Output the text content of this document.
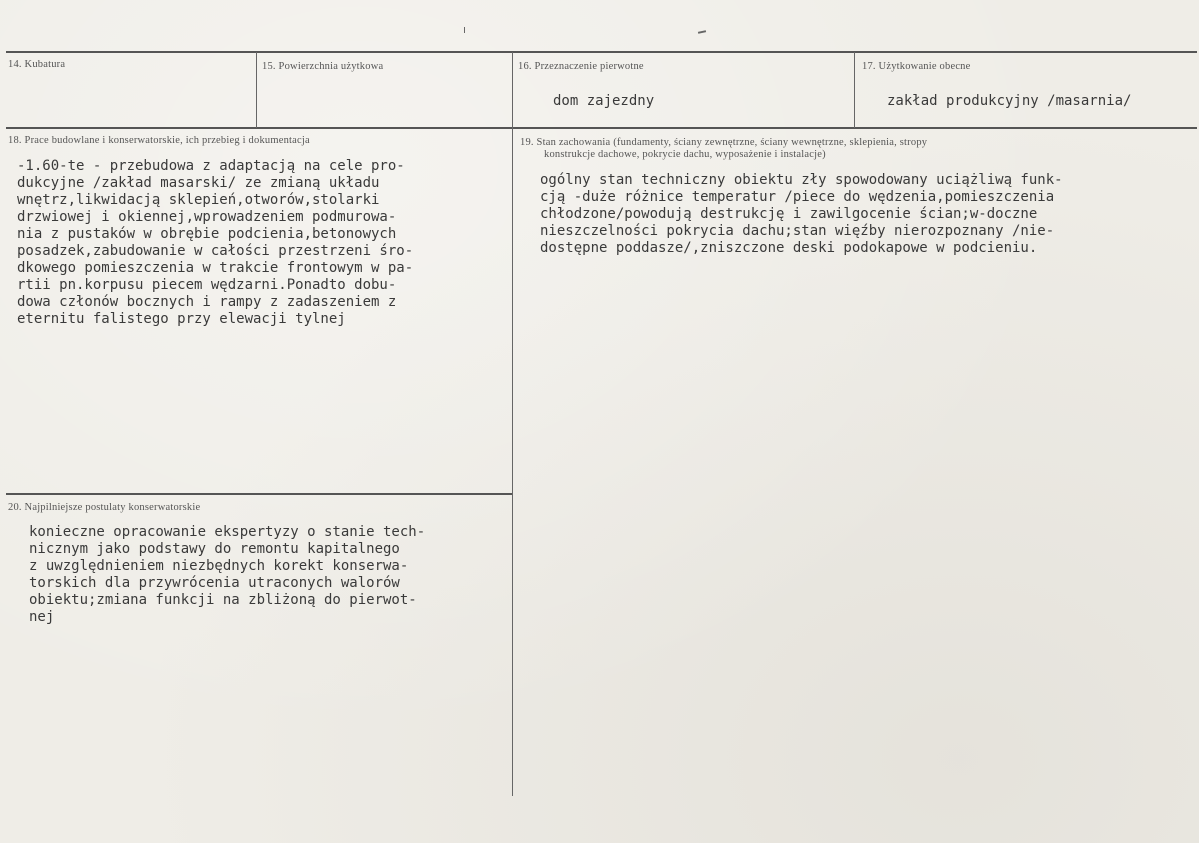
14. Kubatura	15. Powierzchnia użytkowa	16. Przeznaczenie pierwotne
dom zajezdny
17. Użytkowanie obecne
zakład produkcyjny /masarnia/
18. Prace budowlane i konserwatorskie, ich przebieg i dokumentacja
-1.60-te - przebudowa z adaptacją na cele pro-
dukcyjne /zakład masarski/ ze zmianą układu
wnętrz,likwidacją sklepień,otworów,stolarki
drzwiowej i okiennej,wprowadzeniem podmurowa-
nia z pustaków w obrębie podcienia,betonowych
posadzek,zabudowanie w całości przestrzeni śro-
dkowego pomieszczenia w trakcie frontowym w pa-
rtii pn.korpusu piecem wędzarni.Ponadto dobu-
dowa członów bocznych i rampy z zadaszeniem z
eternitu falistego przy elewacji tylnej
19. Stan zachowania (fundamenty, ściany zewnętrzne, ściany wewnętrzne, sklepienia, stropy
konstrukcje dachowe, pokrycie dachu, wyposażenie i instalacje)
ogólny stan techniczny obiektu zły spowodowany uciążliwą funk-
cją -duże różnice temperatur /piece do wędzenia,pomieszczenia
chłodzone/powodują destrukcję i zawilgocenie ścian;w-doczne
nieszczelności pokrycia dachu;stan więźby nierozpoznany /nie-
dostępne poddasze/,zniszczone deski podokapowe w podcieniu.
20. Najpilniejsze postulaty konserwatorskie
konieczne opracowanie ekspertyzy o stanie tech-
nicznym jako podstawy do remontu kapitalnego
z uwzględnieniem niezbędnych korekt konserwa-
torskich dla przywrócenia utraconych walorów
obiektu;zmiana funkcji na zbliżoną do pierwot-
nej
